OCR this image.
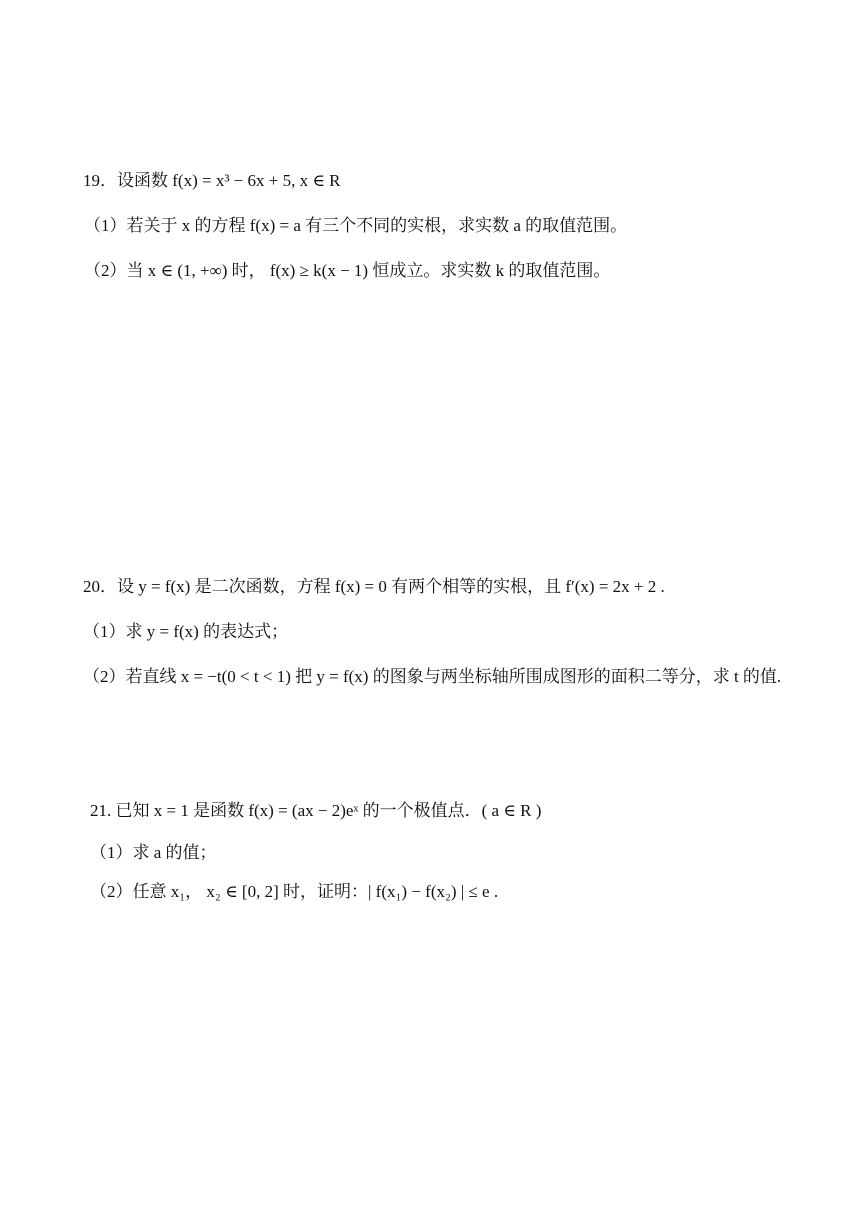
19．设函数 f(x) = x³ − 6x + 5, x ∈ R
（1）若关于 x 的方程 f(x) = a 有三个不同的实根，求实数 a 的取值范围。
（2）当 x ∈ (1, +∞) 时， f(x) ≥ k(x − 1) 恒成立。求实数 k 的取值范围。
20．设 y = f(x) 是二次函数，方程 f(x) = 0 有两个相等的实根，且 f′(x) = 2x + 2 .
（1）求 y = f(x) 的表达式；
（2）若直线 x = −t(0 < t < 1) 把 y = f(x) 的图象与两坐标轴所围成图形的面积二等分，求 t 的值.
21. 已知 x = 1 是函数 f(x) = (ax − 2)eˣ 的一个极值点．( a ∈ R )
（1）求 a 的值；
（2）任意 x₁， x₂ ∈ [0, 2] 时，证明：| f(x₁) − f(x₂) | ≤ e .
